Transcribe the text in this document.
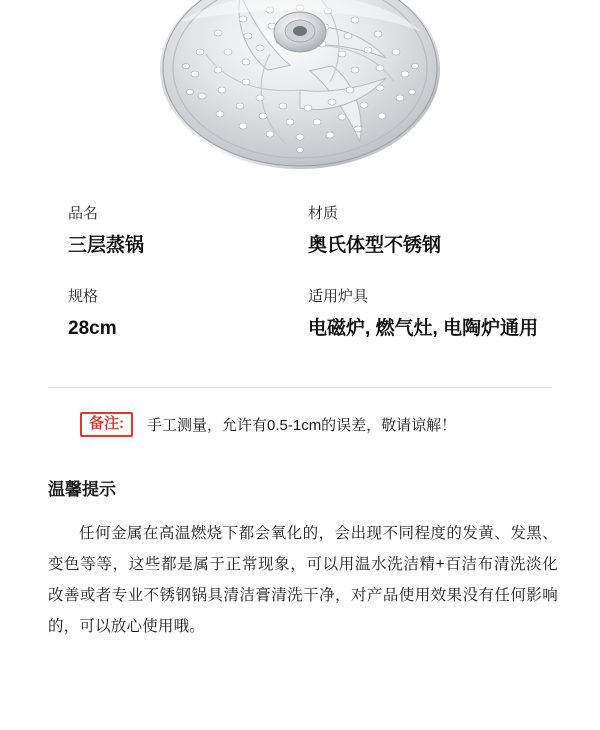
品名	材质
三层蒸锅	奥氏体型不锈钢
规格	适用炉具
28cm	电磁炉, 燃气灶, 电陶炉通用
备注:	手工测量，允许有0.5-1cm的误差，敬请谅解！
温馨提示
任何金属在高温燃烧下都会氧化的，会出现不同程度的发黄、发黑、变色等等，这些都是属于正常现象，可以用温水洗洁精+百洁布清洗淡化改善或者专业不锈钢锅具清洁膏清洗干净，对产品使用效果没有任何影响的，可以放心使用哦。
